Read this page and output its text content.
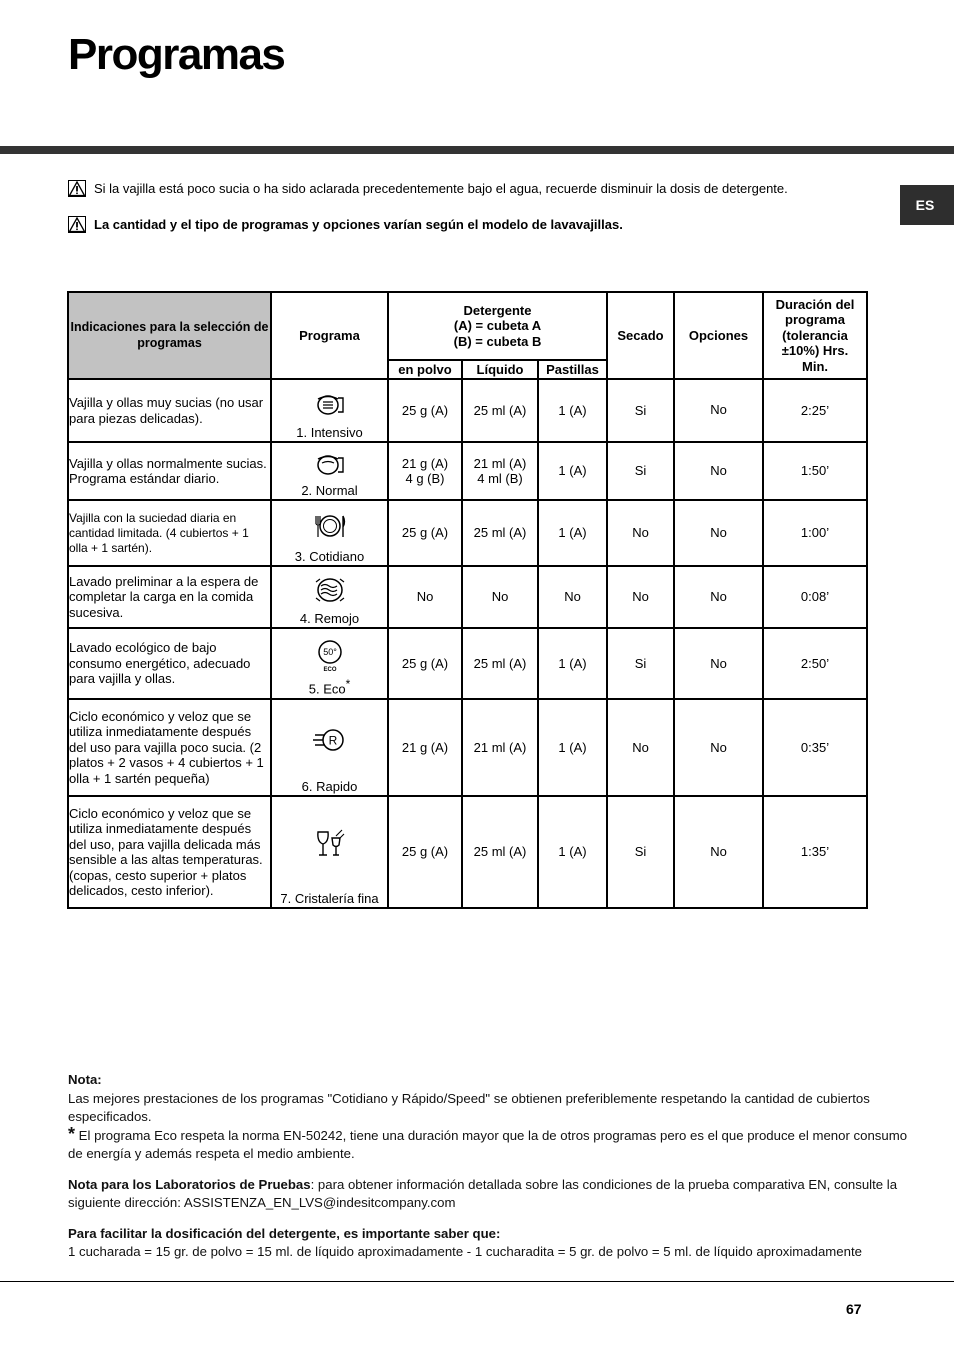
Programas
ES
Si la vajilla está poco sucia o ha sido aclarada precedentemente bajo el agua, recuerde disminuir la dosis de detergente.
La cantidad y el tipo de programas y opciones varían según el modelo de lavavajillas.
Indicaciones para la selección de programas	Programa	Detergente
(A) = cubeta A
(B) = cubeta B			Secado	Opciones	Duración del programa (tolerancia ±10%) Hrs. Min.
		en polvo	Líquido	Pastillas			
Vajilla y ollas muy sucias (no usar para piezas delicadas).	1. Intensivo	25 g (A)	25 ml (A)	1 (A)	Si	No	2:25’
Vajilla y ollas normalmente sucias. Programa estándar diario.	2. Normal	21 g (A)
4 g (B)	21 ml (A)
4 ml (B)	1 (A)	Si	No	1:50’
Vajilla con la suciedad diaria en cantidad limitada. (4 cubiertos + 1 olla + 1 sartén).	3. Cotidiano	25 g (A)	25 ml (A)	1 (A)	No	No	1:00’
Lavado preliminar a la espera de completar la carga en la comida sucesiva.	4. Remojo	No	No	No	No	No	0:08’
Lavado ecológico de bajo consumo energético, adecuado para vajilla y ollas.	50°
ECO
5. Eco*	25 g (A)	25 ml (A)	1 (A)	Si	No	2:50’
Ciclo económico y veloz que se utiliza inmediatamente después del uso para vajilla poco sucia. (2 platos + 2 vasos + 4 cubiertos + 1 olla + 1 sartén pequeña)	R
6. Rapido	21 g (A)	21 ml (A)	1 (A)	No	No	0:35’
Ciclo económico y veloz que se utiliza inmediatamente después del uso, para vajilla delicada más sensible a las altas temperaturas. (copas, cesto superior + platos delicados, cesto inferior).	7. Cristalería fina	25 g (A)	25 ml (A)	1 (A)	Si	No	1:35’

Nota:

Las mejores prestaciones de los programas "Cotidiano y Rápido/Speed" se obtienen preferiblemente respetando la cantidad de cubiertos especificados.

* El programa Eco respeta la norma EN-50242, tiene una duración mayor que la de otros programas pero es el que produce el menor consumo de energía y además respeta el medio ambiente.

Nota para los Laboratorios de Pruebas: para obtener información detallada sobre las condiciones de la prueba comparativa EN, consulte la siguiente dirección: ASSISTENZA_EN_LVS@indesitcompany.com

Para facilitar la dosificación del detergente, es importante saber que:

1 cucharada = 15 gr. de polvo = 15 ml. de líquido aproximadamente - 1 cucharadita = 5 gr. de polvo = 5 ml. de líquido aproximadamente

67
